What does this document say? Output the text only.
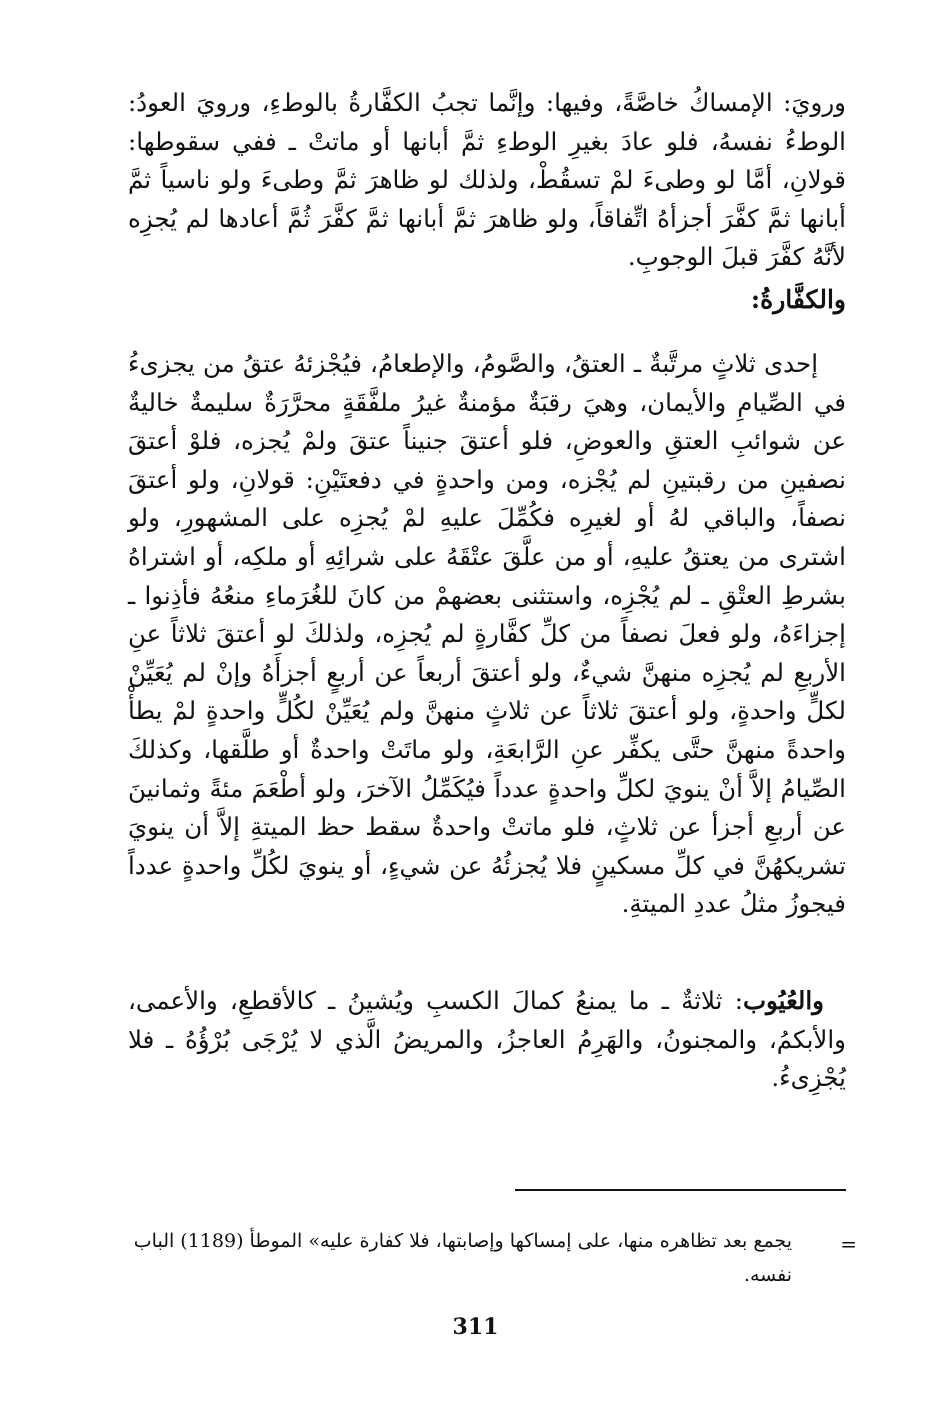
ورويَ: الإمساكُ خاصَّةً، وفيها: وإنَّما تجبُ الكفَّارةُ بالوطءِ، ورويَ العودُ: الوطءُ نفسهُ، فلو عادَ بغيرِ الوطءِ ثمَّ أبانها أو ماتتْ ـ ففي سقوطها: قولانِ، أمَّا لو وطىءَ لمْ تسقُطْ، ولذلك لو ظاهرَ ثمَّ وطىءَ ولو ناسياً ثمَّ أبانها ثمَّ كفَّرَ أجزأهُ اتِّفاقاً، ولو ظاهرَ ثمَّ أبانها ثمَّ كفَّرَ ثُمَّ أعادها لم يُجزِه لأنَّهُ كفَّرَ قبلَ الوجوبِ.

والكفَّارةُ:

إحدى ثلاثٍ مرتَّبةٌ ـ العتقُ، والصَّومُ، والإطعامُ، فيُجْزئهُ عتقُ من يجزىءُ في الصِّيامِ والأيمان، وهيَ رقبَةٌ مؤمنةٌ غيرُ ملفَّقَةٍ محرَّرَةٌ سليمةٌ خاليةٌ عن شوائبِ العتقِ والعوضِ، فلو أعتقَ جنيناً عتقَ ولمْ يُجزه، فلوْ أعتقَ نصفينِ من رقبتينِ لم يُجْزه، ومن واحدةٍ في دفعتَيْنِ: قولانِ، ولو أعتقَ نصفاً، والباقي لهُ أو لغيرِه فكُمِّلَ عليهِ لمْ يُجزِه على المشهورِ، ولو اشترى من يعتقُ عليهِ، أو من علَّقَ عتْقَهُ على شرائِهِ أو ملكِه، أو اشتراهُ بشرطِ العتْقِ ـ لم يُجْزِه، واستثنى بعضهمْ من كانَ للغُرَماءِ منعُهُ فأذِنوا ـ إجزاءَهُ، ولو فعلَ نصفاً من كلِّ كفَّارةٍ لم يُجزِه، ولذلكَ لو أعتقَ ثلاثاً عنِ الأربعِ لم يُجزِه منهنَّ شيءٌ، ولو أعتقَ أربعاً عن أربعٍ أجزأَهُ وإنْ لم يُعَيِّنْ لكلٍّ واحدةٍ، ولو أعتقَ ثلاثاً عن ثلاثٍ منهنَّ ولم يُعَيِّنْ لكُلٍّ واحدةٍ لمْ يطأْ واحدةً منهنَّ حتَّى يكفِّر عنِ الرَّابعَةِ، ولو ماتَتْ واحدةٌ أو طلَّقها، وكذلكَ الصِّيامُ إلاَّ أنْ ينويَ لكلِّ واحدةٍ عدداً فيُكَمِّلُ الآخرَ، ولو أطْعَمَ مئةً وثمانينَ عن أربعِ أجزأ عن ثلاثٍ، فلو ماتتْ واحدةٌ سقط حظ الميتةِ إلاَّ أن ينويَ تشريكهُنَّ في كلِّ مسكينٍ فلا يُجزئُهُ عن شيءٍ، أو ينويَ لكُلِّ واحدةٍ عدداً فيجوزُ مثلُ عددِ الميتةِ.

والعُيُوب: ثلاثةٌ ـ ما يمنعُ كمالَ الكسبِ ويُشينُ ـ كالأقطعِ، والأعمى، والأبكمُ، والمجنونُ، والهَرِمُ العاجزُ، والمريضُ الَّذي لا يُرْجَى بُرْؤُهُ ـ فلا يُجْزِىءُ.

=
يجمع بعد تظاهره منها، على إمساكها وإصابتها، فلا كفارة عليه» الموطأ (1189) الباب نفسه.
311
